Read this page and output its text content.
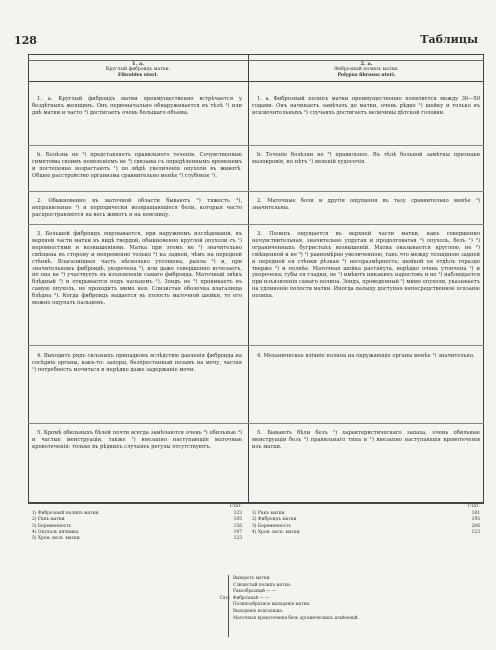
128	Таблицы
1. a.
Круглый фиброидъ матки.
Fibroides uteri.
2. a.
Фиброзный полипъ матки.
Polypus fibrosus uteri.
1. а. Круглый фиброидъ матки преимущественно встрѣчается у бездѣтныхъ женщинъ. Онъ первоначально обнаруживается въ тѣлѣ ¹) или днѣ матки и часто ²) достигаетъ очень большаго объема.
1. а. Фиброзный полипъ матки преимущественно появляется между 30—50 годами. Онъ начинаетъ замѣчать до матки, очень рѣдко ¹) шейку и только въ исключительныхъ ²) случаяхъ достигаетъ величины дѣтской головки.
b. Болѣзнь не ³) представляетъ правильного теченія. Сочувственные симптомы своимъ появленіемъ не ³) связаны съ опредѣленнымъ временемъ и постепенно возрастаютъ ¹) по мѣрѣ увеличенія опухоли въ животѣ. Общее расстройство организма сравнительно менѣе ²) глубокое ¹).
b. Теченіе болѣзни не ³) правильное. Въ тѣлѣ больной замѣтны признаки малокровія, но нѣтъ ¹) явленій худосочія.
2. Обыкновенно въ маточной области бываютъ ²) тяжесть ³), неправильные ¹) и періодически возвращающіеся боли, которыя часто распространяются на весь животъ и на поясницу.
2. Маточные боли и другія ощущенія въ тазу сравнительно менѣе ²) значительны.
3. Большой фиброидъ ощупывается, при наружномъ изслѣдованіи, въ верхней части матки въ видѣ твердой, обыкновенно круглой опухоли съ ¹) неровностями и возвышеніями. Матка при этомъ не ²) значительно смѣщена въ сторону и непременно только ³) на задней, чѣмъ на передней стѣнкѣ. Влагалищная часть нѣсколько утолщена, рыхла ³) и, при значительномъ фиброидѣ, укорочена ²), или даже совершенно исчезаетъ, но она не ³) участвуетъ въ изъязвленіи самаго фиброида. Маточный звѣкъ блѣдный ²) и открывается подъ пальцемъ ¹). Зондъ не ³) проникаетъ въ самую опухоль, не проходитъ мимо нея. Слизистая оболочка влагалища блѣдна ²). Когда фиброидъ выдается въ полость маточной шейки, то его можно ощупать пальцемъ.
3. Полипъ ощущается въ верхней части матки, какъ совершенно нечувствительная, значительно упругая и продолговатая ²) опухоль, безъ ¹) ²) ограниченныхъ бугристыхъ возвышеній. Матка оказывается круглою, не ²) смѣщенной и не ³) ¹) равномѣрно увеличенною, такъ что между толщиною задней и передней ея стѣнки рѣзкая ²) несоразмѣрность; шейкой ея отдѣлъ гораздо тверже ²) и полнѣе. Маточная шейка растянута, нерѣдко очень утончена ¹) и укорочена; губы ея гладки, не ¹) имѣютъ никакихъ наростовъ и не ¹) наблюдается при изъязвленія самаго полипа. Зондъ, проведенный ¹) мимо опухоли, указываетъ на удлиненіе полости матки. Иногда палыцу доступно непосредственное осязаніе полипа.
4. Выходитъ рядъ сильныхъ припадковъ вслѣдствіе давленія фиброида на сосѣдніе органы, какъ-то: запоры, безпрестанный позывъ на мочу, частая ¹) потребность мочиться и нерѣдко даже задержаніе мочи.
4. Механическое вліяніе полипа на окружающіе органы менѣе ¹) значительно.
5. Кромѣ обильныхъ бѣлей почти всегда замѣчаются очень ³) обильные ³) и частые менструаціи, также ¹) внезапно наступающіе маточные кровотеченія; только въ рѣдкихъ случаяхъ регулы отсутствуютъ.
5. Бываютъ бѣли безъ ¹) характеристическаго запаха, очень обильные менструаціи безъ ²) правильнаго типа и ¹) внезапно наступающія кровотеченія изъ матки.
Стат.
1) Фиброзный полипъ матки	123
2) Ракъ матки	195
3) Беременность	156
4) Опухоль яичника	197
5) Хрон. восп. матки	123
Стат.
1) Ракъ матки	181
2) Фиброидъ матки	195
3) Беременность	206
4) Хрон. восп. матки	123
Выворотъ матки.
Слизистый полипъ матки.
Ракообразный — —
Сатс Фиброзный — —
Полипообразное выпаденіе матки.
Выпаденіе влагалища.
Маточныя кровотеченія безъ органическихъ измѣненій.
